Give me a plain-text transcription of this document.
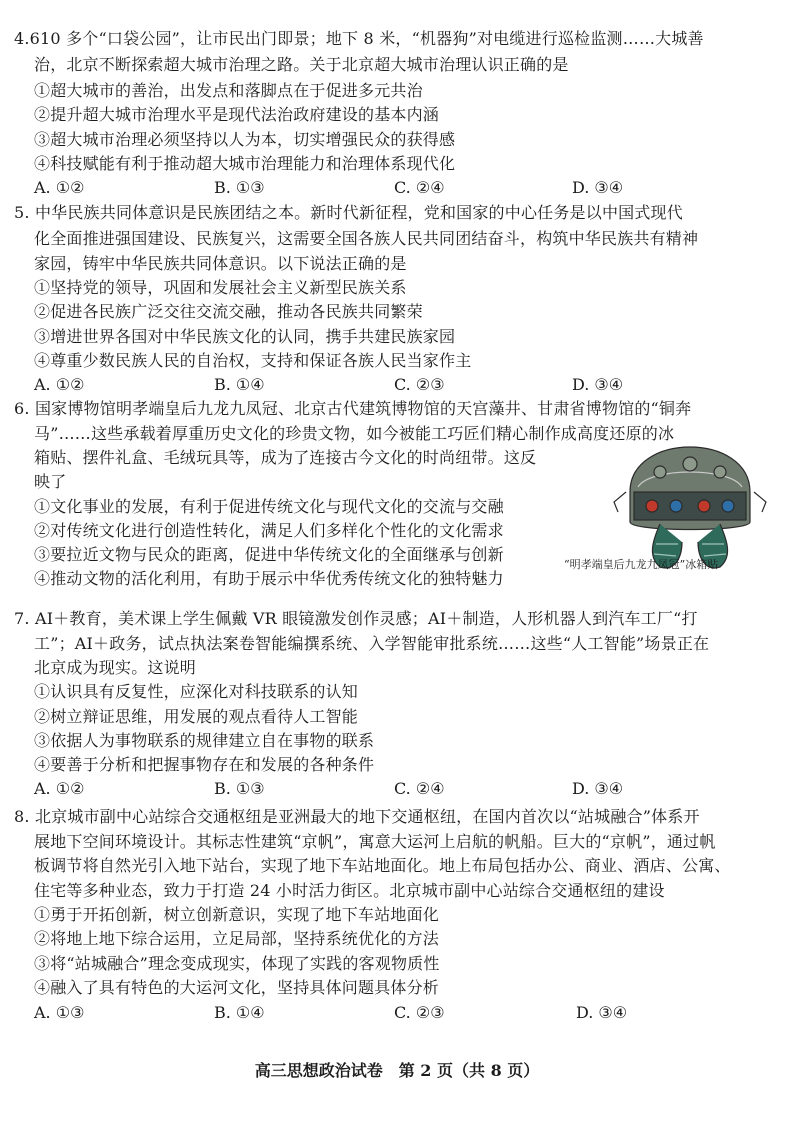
4.610 多个“口袋公园”，让市民出门即景；地下 8 米，“机器狗”对电缆进行巡检监测……大城善
治，北京不断探索超大城市治理之路。关于北京超大城市治理认识正确的是
①超大城市的善治，出发点和落脚点在于促进多元共治
②提升超大城市治理水平是现代法治政府建设的基本内涵
③超大城市治理必须坚持以人为本，切实增强民众的获得感
④科技赋能有利于推动超大城市治理能力和治理体系现代化
A. ①②	B. ①③	C. ②④	D. ③④
5. 中华民族共同体意识是民族团结之本。新时代新征程，党和国家的中心任务是以中国式现代
化全面推进强国建设、民族复兴，这需要全国各族人民共同团结奋斗，构筑中华民族共有精神
家园，铸牢中华民族共同体意识。以下说法正确的是
①坚持党的领导，巩固和发展社会主义新型民族关系
②促进各民族广泛交往交流交融，推动各民族共同繁荣
③增进世界各国对中华民族文化的认同，携手共建民族家园
④尊重少数民族人民的自治权，支持和保证各族人民当家作主
A. ①②	B. ①④	C. ②③	D. ③④
6. 国家博物馆明孝端皇后九龙九凤冠、北京古代建筑博物馆的天宫藻井、甘肃省博物馆的“铜奔
马”……这些承载着厚重历史文化的珍贵文物，如今被能工巧匠们精心制作成高度还原的冰
箱贴、摆件礼盒、毛绒玩具等，成为了连接古今文化的时尚纽带。这反
映了
①文化事业的发展，有利于促进传统文化与现代文化的交流与交融
②对传统文化进行创造性转化，满足人们多样化个性化的文化需求
③要拉近文物与民众的距离，促进中华传统文化的全面继承与创新
④推动文物的活化利用，有助于展示中华优秀传统文化的独特魅力
“明孝端皇后九龙九凤冠”冰箱贴
7. AI＋教育，美术课上学生佩戴 VR 眼镜激发创作灵感；AI＋制造，人形机器人到汽车工厂“打
工”；AI＋政务，试点执法案卷智能编撰系统、入学智能审批系统……这些“人工智能”场景正在
北京成为现实。这说明
①认识具有反复性，应深化对科技联系的认知
②树立辩证思维，用发展的观点看待人工智能
③依据人为事物联系的规律建立自在事物的联系
④要善于分析和把握事物存在和发展的各种条件
A. ①②	B. ①③	C. ②④	D. ③④
8. 北京城市副中心站综合交通枢纽是亚洲最大的地下交通枢纽，在国内首次以“站城融合”体系开
展地下空间环境设计。其标志性建筑“京帆”，寓意大运河上启航的帆船。巨大的“京帆”，通过帆
板调节将自然光引入地下站台，实现了地下车站地面化。地上布局包括办公、商业、酒店、公寓、
住宅等多种业态，致力于打造 24 小时活力街区。北京城市副中心站综合交通枢纽的建设
①勇于开拓创新，树立创新意识，实现了地下车站地面化
②将地上地下综合运用，立足局部，坚持系统优化的方法
③将“站城融合”理念变成现实，体现了实践的客观物质性
④融入了具有特色的大运河文化，坚持具体问题具体分析
A. ①③	B. ①④	C. ②③	D. ③④
高三思想政治试卷　第 2 页（共 8 页）
